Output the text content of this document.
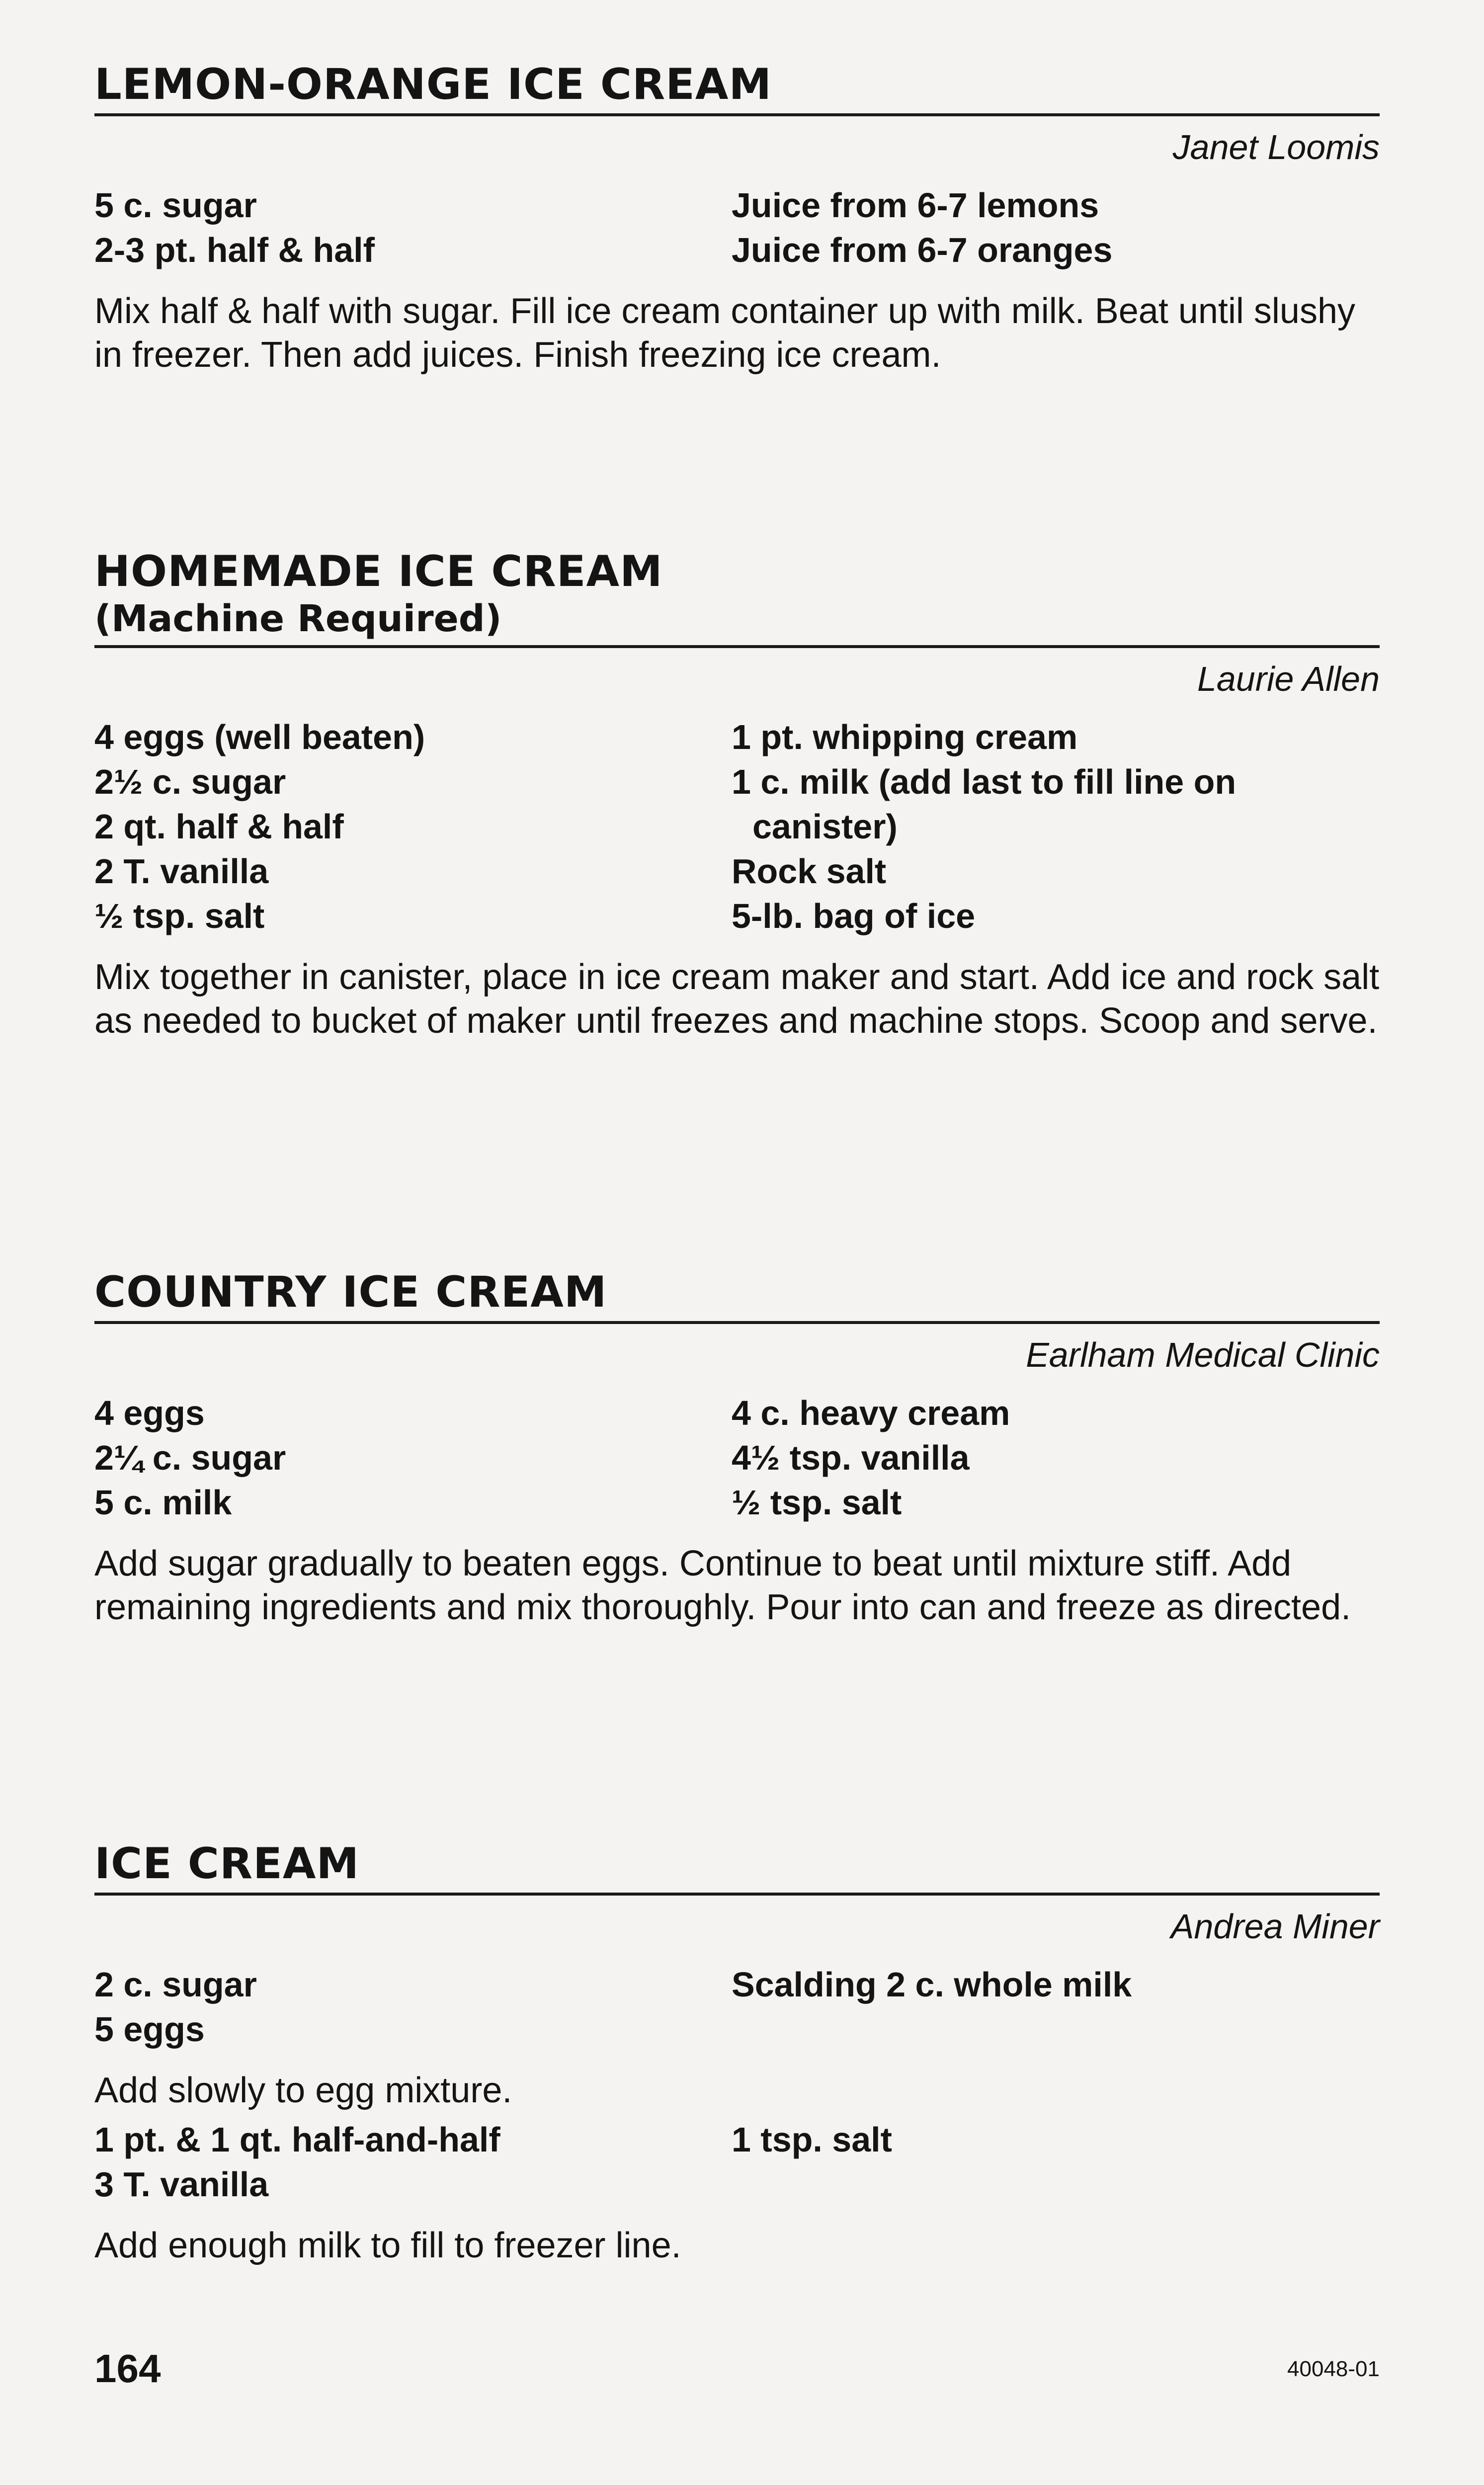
LEMON-ORANGE ICE CREAM
Janet Loomis
5 c. sugar
2-3 pt. half & half
Juice from 6-7 lemons
Juice from 6-7 oranges

Mix half & half with sugar. Fill ice cream container up with milk. Beat until slushy in freezer. Then add juices. Finish freezing ice cream.

HOMEMADE ICE CREAM
(Machine Required)
Laurie Allen
4 eggs (well beaten)
2½ c. sugar
2 qt. half & half
2 T. vanilla
½ tsp. salt
1 pt. whipping cream
1 c. milk (add last to fill line on
canister)
Rock salt
5-lb. bag of ice

Mix together in canister, place in ice cream maker and start. Add ice and rock salt as needed to bucket of maker until freezes and machine stops. Scoop and serve.

COUNTRY ICE CREAM
Earlham Medical Clinic
4 eggs
2¼ c. sugar
5 c. milk
4 c. heavy cream
4½ tsp. vanilla
½ tsp. salt

Add sugar gradually to beaten eggs. Continue to beat until mixture stiff. Add remaining ingredients and mix thoroughly. Pour into can and freeze as directed.

ICE CREAM
Andrea Miner
2 c. sugar
5 eggs
Scalding 2 c. whole milk

Add slowly to egg mixture.

1 pt. & 1 qt. half-and-half
3 T. vanilla
1 tsp. salt

Add enough milk to fill to freezer line.

164	40048-01
